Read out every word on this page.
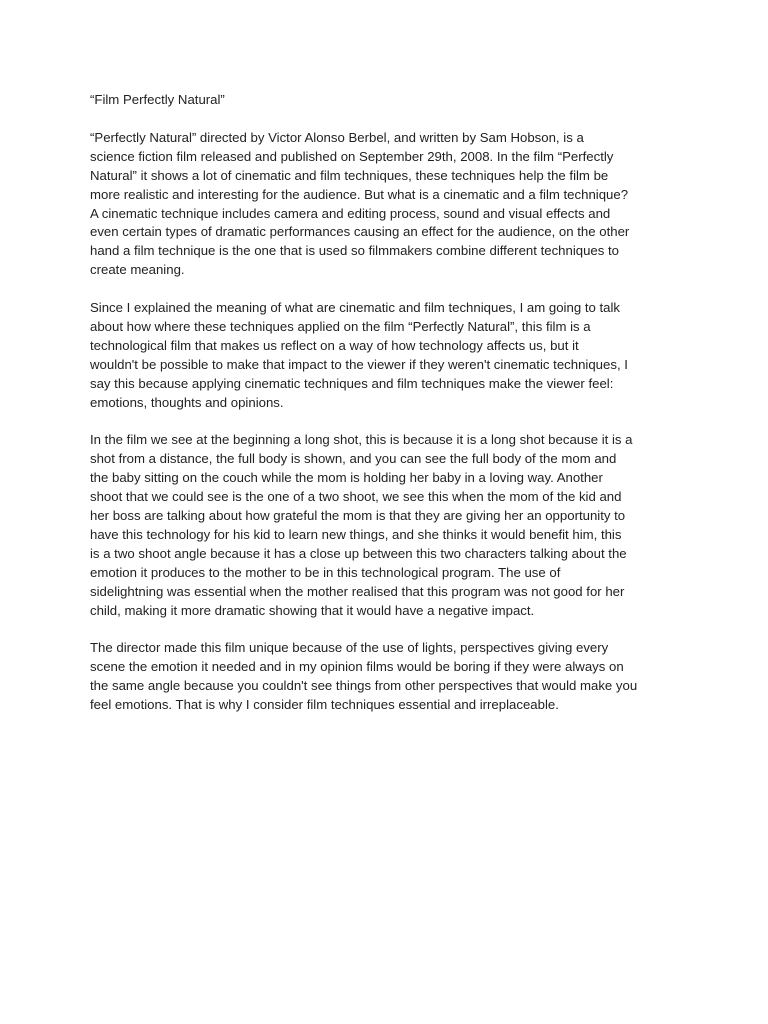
“Film Perfectly Natural”
“Perfectly Natural” directed by Victor Alonso Berbel, and written by Sam Hobson, is a
science fiction film released and published on September 29th, 2008. In the film “Perfectly
Natural” it shows a lot of cinematic and film techniques, these techniques help the film be
more realistic and interesting for the audience. But what is a cinematic and a film technique?
A cinematic technique includes camera and editing process, sound and visual effects and
even certain types of dramatic performances causing an effect for the audience, on the other
hand a film technique is the one that is used so filmmakers combine different techniques to
create meaning.
Since I explained the meaning of what are cinematic and film techniques, I am going to talk
about how where these techniques applied on the film “Perfectly Natural”, this film is a
technological film that makes us reflect on a way of how technology affects us, but it
wouldn't be possible to make that impact to the viewer if they weren't cinematic techniques, I
say this because applying cinematic techniques and film techniques make the viewer feel:
emotions, thoughts and opinions.
In the film we see at the beginning a long shot, this is because it is a long shot because it is a
shot from a distance, the full body is shown, and you can see the full body of the mom and
the baby sitting on the couch while the mom is holding her baby in a loving way. Another
shoot that we could see is the one of a two shoot, we see this when the mom of the kid and
her boss are talking about how grateful the mom is that they are giving her an opportunity to
have this technology for his kid to learn new things, and she thinks it would benefit him, this
is a two shoot angle because it has a close up between this two characters talking about the
emotion it produces to the mother to be in this technological program. The use of
sidelightning was essential when the mother realised that this program was not good for her
child, making it more dramatic showing that it would have a negative impact.
The director made this film unique because of the use of lights, perspectives giving every
scene the emotion it needed and in my opinion films would be boring if they were always on
the same angle because you couldn't see things from other perspectives that would make you
feel emotions. That is why I consider film techniques essential and irreplaceable.
